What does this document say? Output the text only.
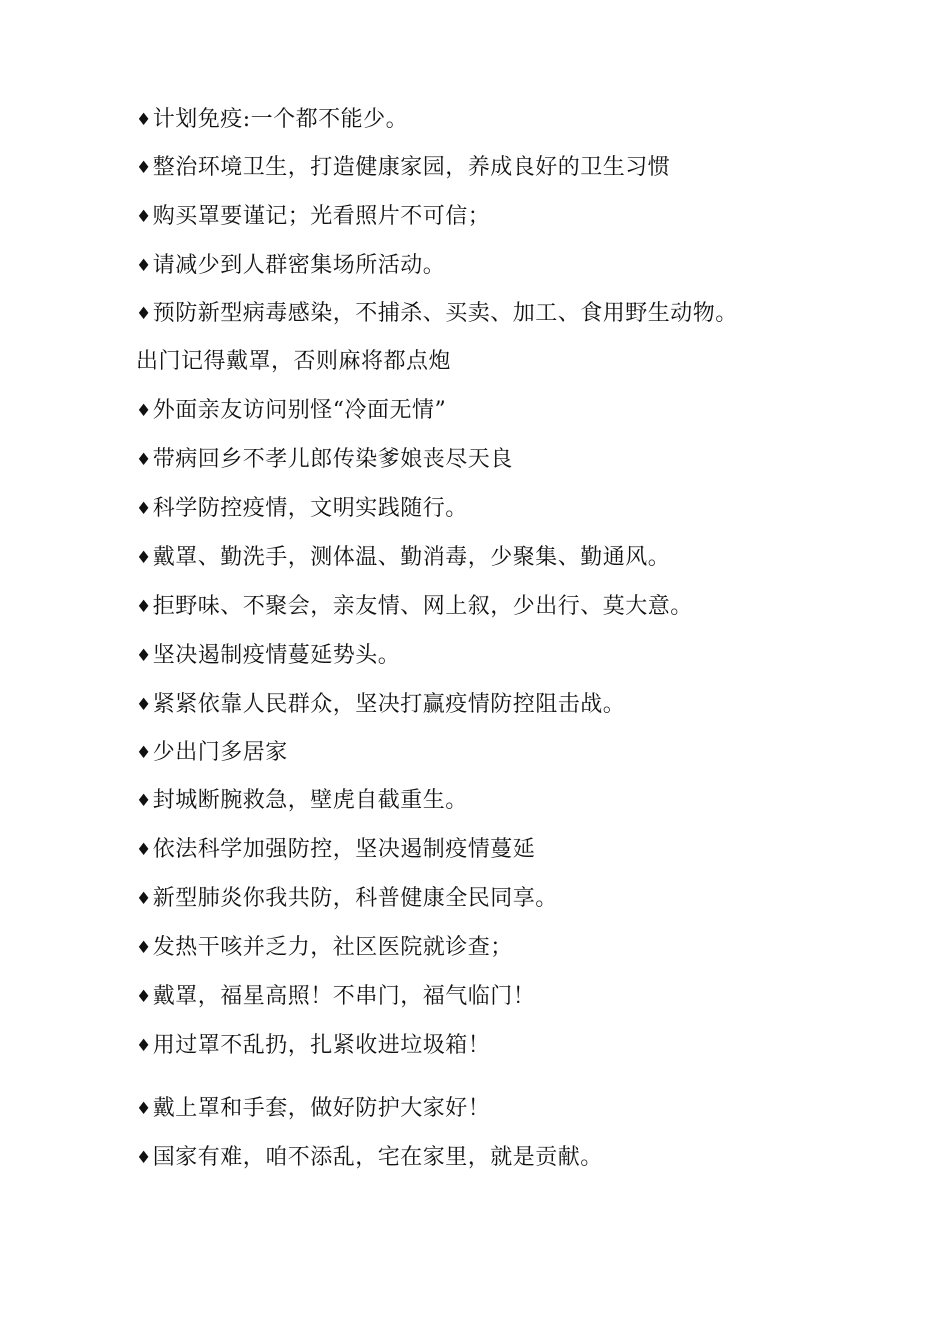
♦计划免疫:一个都不能少。
♦整治环境卫生，打造健康家园，养成良好的卫生习惯
♦购买罩要谨记；光看照片不可信；
♦请减少到人群密集场所活动。
♦预防新型病毒感染，不捕杀、买卖、加工、食用野生动物。
出门记得戴罩，否则麻将都点炮
♦外面亲友访问别怪“冷面无情”
♦带病回乡不孝儿郎传染爹娘丧尽天良
♦科学防控疫情，文明实践随行。
♦戴罩、勤洗手，测体温、勤消毒，少聚集、勤通风。
♦拒野味、不聚会，亲友情、网上叙，少出行、莫大意。
♦坚决遏制疫情蔓延势头。
♦紧紧依靠人民群众，坚决打赢疫情防控阻击战。
♦少出门多居家
♦封城断腕救急，壁虎自截重生。
♦依法科学加强防控，坚决遏制疫情蔓延
♦新型肺炎你我共防，科普健康全民同享。
♦发热干咳并乏力，社区医院就诊查；
♦戴罩，福星高照！不串门，福气临门！
♦用过罩不乱扔，扎紧收进垃圾箱！
♦戴上罩和手套，做好防护大家好！
♦国家有难，咱不添乱，宅在家里，就是贡献。
